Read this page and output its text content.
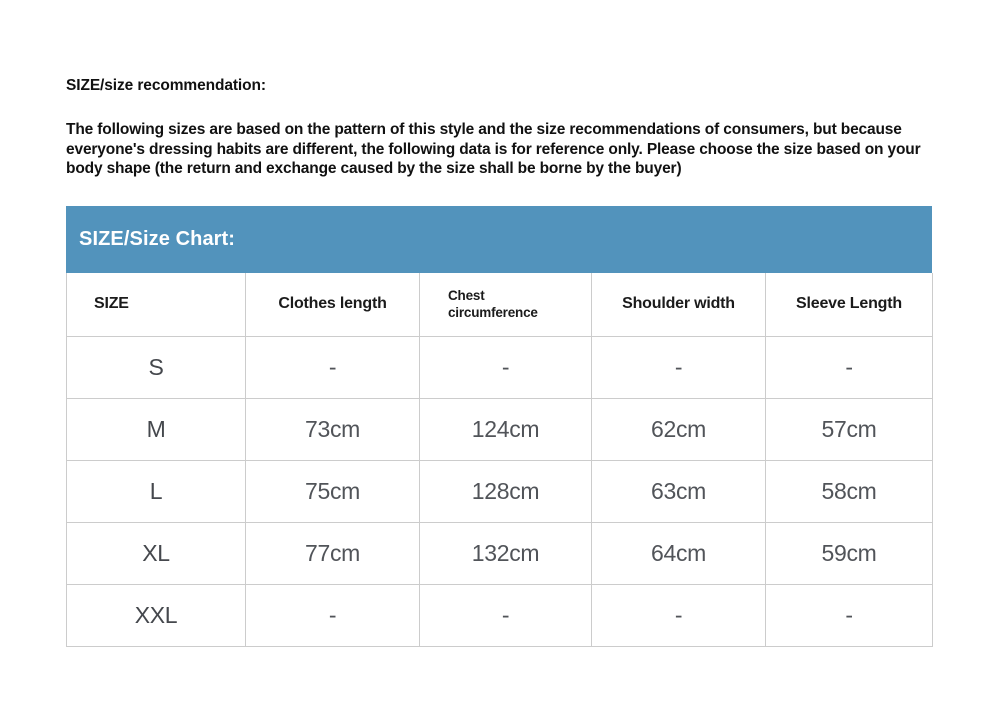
SIZE/size recommendation:

The following sizes are based on the pattern of this style and the size recommendations of consumers, but because everyone's dressing habits are different, the following data is for reference only. Please choose the size based on your body shape (the return and exchange caused by the size shall be borne by the buyer)

SIZE/Size Chart:
SIZE	Clothes length	Chest circumference	Shoulder width	Sleeve Length
S	-	-	-	-
M	73cm	124cm	62cm	57cm
L	75cm	128cm	63cm	58cm
XL	77cm	132cm	64cm	59cm
XXL	-	-	-	-
